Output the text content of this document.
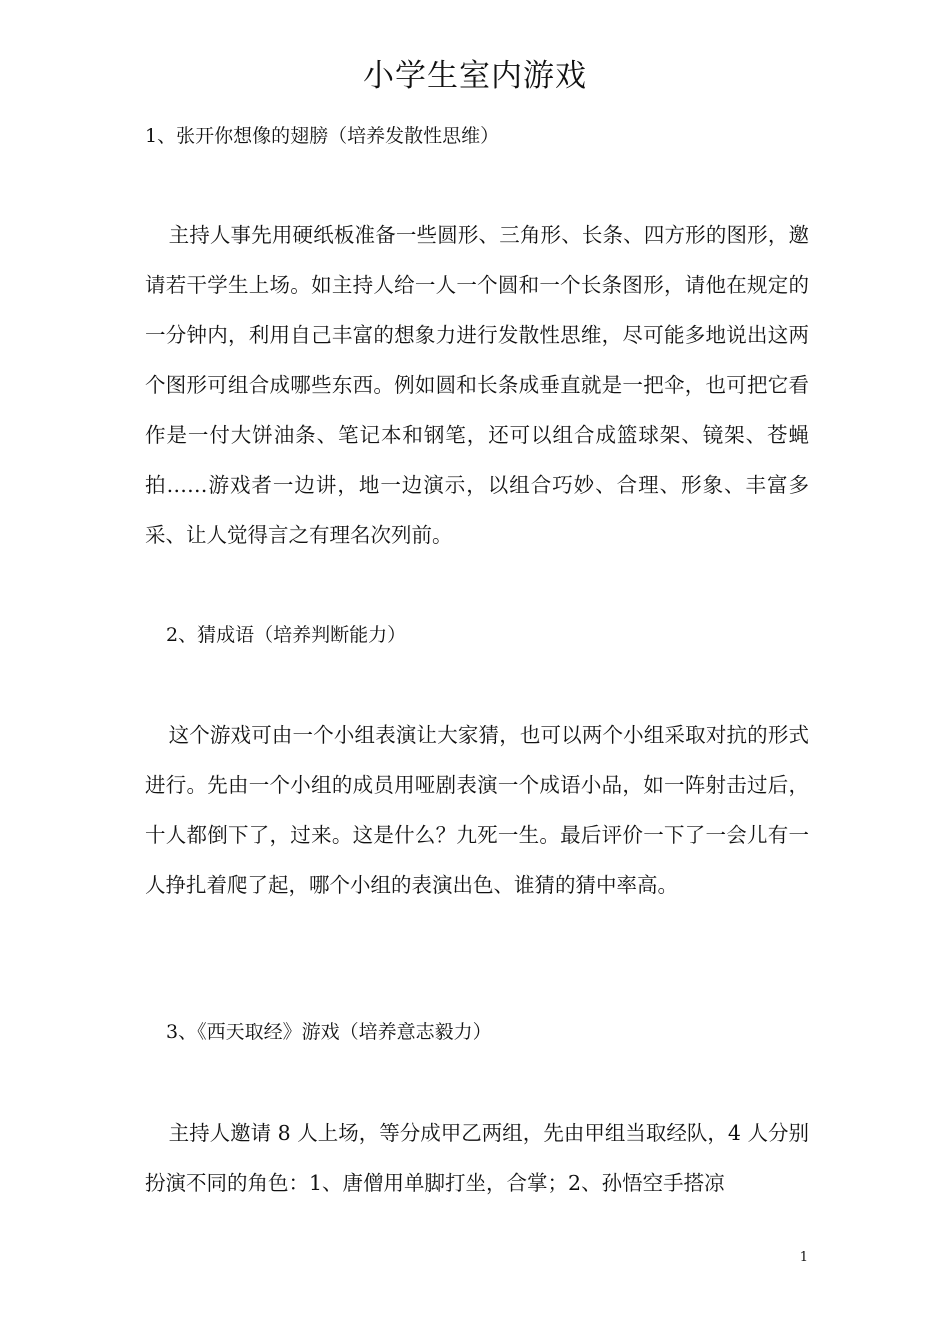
小学生室内游戏
1、张开你想像的翅膀（培养发散性思维）
主持人事先用硬纸板准备一些圆形、三角形、长条、四方形的图形，邀请若干学生上场。如主持人给一人一个圆和一个长条图形，请他在规定的一分钟内，利用自己丰富的想象力进行发散性思维，尽可能多地说出这两个图形可组合成哪些东西。例如圆和长条成垂直就是一把伞，也可把它看作是一付大饼油条、笔记本和钢笔，还可以组合成篮球架、镜架、苍蝇拍……游戏者一边讲，地一边演示，以组合巧妙、合理、形象、丰富多采、让人觉得言之有理名次列前。
2、猜成语（培养判断能力）
这个游戏可由一个小组表演让大家猜，也可以两个小组采取对抗的形式进行。先由一个小组的成员用哑剧表演一个成语小品，如一阵射击过后，十人都倒下了，过来。这是什么？九死一生。最后评价一下了一会儿有一人挣扎着爬了起，哪个小组的表演出色、谁猜的猜中率高。
3、《西天取经》游戏（培养意志毅力）
主持人邀请 8 人上场，等分成甲乙两组，先由甲组当取经队，4 人分别扮演不同的角色：1、唐僧用单脚打坐，合掌；2、孙悟空手搭凉
1
